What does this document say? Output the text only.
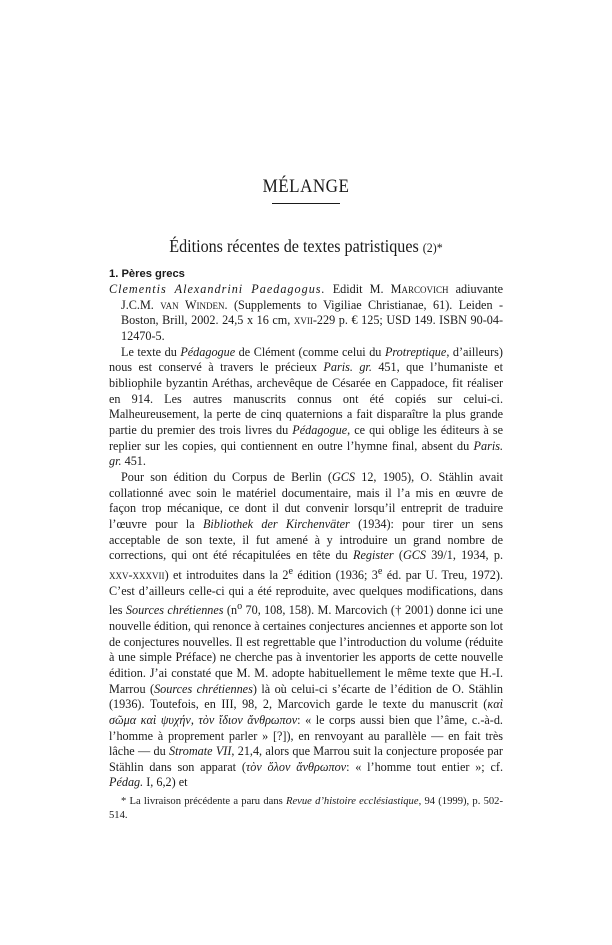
MÉLANGE
Éditions récentes de textes patristiques (2)*
1. Pères grecs

Clementis Alexandrini Paedagogus. Edidit M. Marcovich adiuvante J.C.M. van Winden. (Supplements to Vigiliae Christianae, 61). Leiden - Boston, Brill, 2002. 24,5 x 16 cm, xvii-229 p. € 125; USD 149. ISBN 90-04-12470-5.

Le texte du Pédagogue de Clément (comme celui du Protreptique, d’ailleurs) nous est conservé à travers le précieux Paris. gr. 451, que l’humaniste et bibliophile byzantin Aréthas, archevêque de Césarée en Cappadoce, fit réaliser en 914. Les autres manuscrits connus ont été copiés sur celui-ci. Malheureusement, la perte de cinq quaternions a fait disparaître la plus grande partie du premier des trois livres du Pédagogue, ce qui oblige les éditeurs à se replier sur les copies, qui contiennent en outre l’hymne final, absent du Paris. gr. 451.

Pour son édition du Corpus de Berlin (GCS 12, 1905), O. Stählin avait collationné avec soin le matériel documentaire, mais il l’a mis en œuvre de façon trop mécanique, ce dont il dut convenir lorsqu’il entreprit de traduire l’œuvre pour la Bibliothek der Kirchenväter (1934): pour tirer un sens acceptable de son texte, il fut amené à y introduire un grand nombre de corrections, qui ont été récapitulées en tête du Register (GCS 39/1, 1934, p. xxv-xxxvii) et introduites dans la 2e édition (1936; 3e éd. par U. Treu, 1972). C’est d’ailleurs celle-ci qui a été reproduite, avec quelques modifications, dans les Sources chrétiennes ($n^o$ 70, 108, 158). M. Marcovich († 2001) donne ici une nouvelle édition, qui renonce à certaines conjectures anciennes et apporte son lot de conjectures nouvelles. Il est regrettable que l’introduction du volume (réduite à une simple Préface) ne cherche pas à inventorier les apports de cette nouvelle édition. J’ai constaté que M. M. adopte habituellement le même texte que H.-I. Marrou (Sources chrétiennes) là où celui-ci s’écarte de l’édition de O. Stählin (1936). Toutefois, en III, 98, 2, Marcovich garde le texte du manuscrit (καὶ σῶμα καὶ ψυχήν, τὸν ἴδιον ἄνθρωπον: « le corps aussi bien que l’âme, c.-à-d. l’homme à proprement parler » [?]), en renvoyant au parallèle — en fait très lâche — du Stromate VII, 21,4, alors que Marrou suit la conjecture proposée par Stählin dans son apparat (τὸν ὅλον ἄνθρωπον: « l’homme tout entier »; cf. Pédag. I, 6,2) et

* La livraison précédente a paru dans Revue d’histoire ecclésiastique, 94 (1999), p. 502-514.
